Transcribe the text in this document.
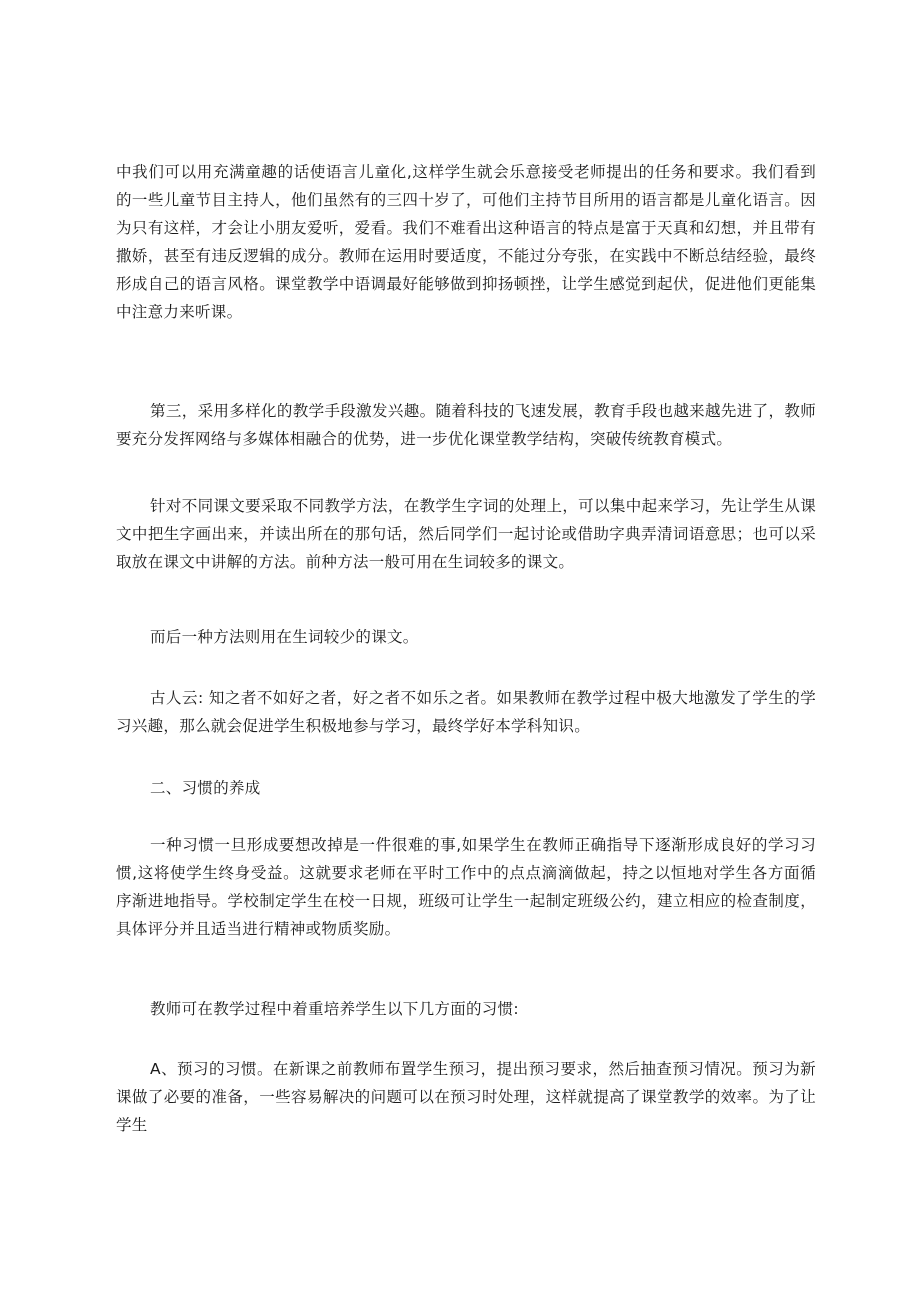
中我们可以用充满童趣的话使语言儿童化,这样学生就会乐意接受老师提出的任务和要求。我们看到的一些儿童节目主持人，他们虽然有的三四十岁了，可他们主持节目所用的语言都是儿童化语言。因为只有这样，才会让小朋友爱听，爱看。我们不难看出这种语言的特点是富于天真和幻想，并且带有撒娇，甚至有违反逻辑的成分。教师在运用时要适度，不能过分夸张，在实践中不断总结经验，最终形成自己的语言风格。课堂教学中语调最好能够做到抑扬顿挫，让学生感觉到起伏，促进他们更能集中注意力来听课。

第三，采用多样化的教学手段激发兴趣。随着科技的飞速发展，教育手段也越来越先进了，教师要充分发挥网络与多媒体相融合的优势，进一步优化课堂教学结构，突破传统教育模式。

针对不同课文要采取不同教学方法，在教学生字词的处理上，可以集中起来学习，先让学生从课文中把生字画出来，并读出所在的那句话，然后同学们一起讨论或借助字典弄清词语意思；也可以采取放在课文中讲解的方法。前种方法一般可用在生词较多的课文。

而后一种方法则用在生词较少的课文。

古人云: 知之者不如好之者，好之者不如乐之者。如果教师在教学过程中极大地激发了学生的学习兴趣，那么就会促进学生积极地参与学习，最终学好本学科知识。

二、习惯的养成

一种习惯一旦形成要想改掉是一件很难的事,如果学生在教师正确指导下逐渐形成良好的学习习惯,这将使学生终身受益。这就要求老师在平时工作中的点点滴滴做起，持之以恒地对学生各方面循序渐进地指导。学校制定学生在校一日规，班级可让学生一起制定班级公约，建立相应的检查制度，具体评分并且适当进行精神或物质奖励。

教师可在教学过程中着重培养学生以下几方面的习惯:

A、预习的习惯。在新课之前教师布置学生预习，提出预习要求，然后抽查预习情况。预习为新课做了必要的准备，一些容易解决的问题可以在预习时处理，这样就提高了课堂教学的效率。为了让学生
